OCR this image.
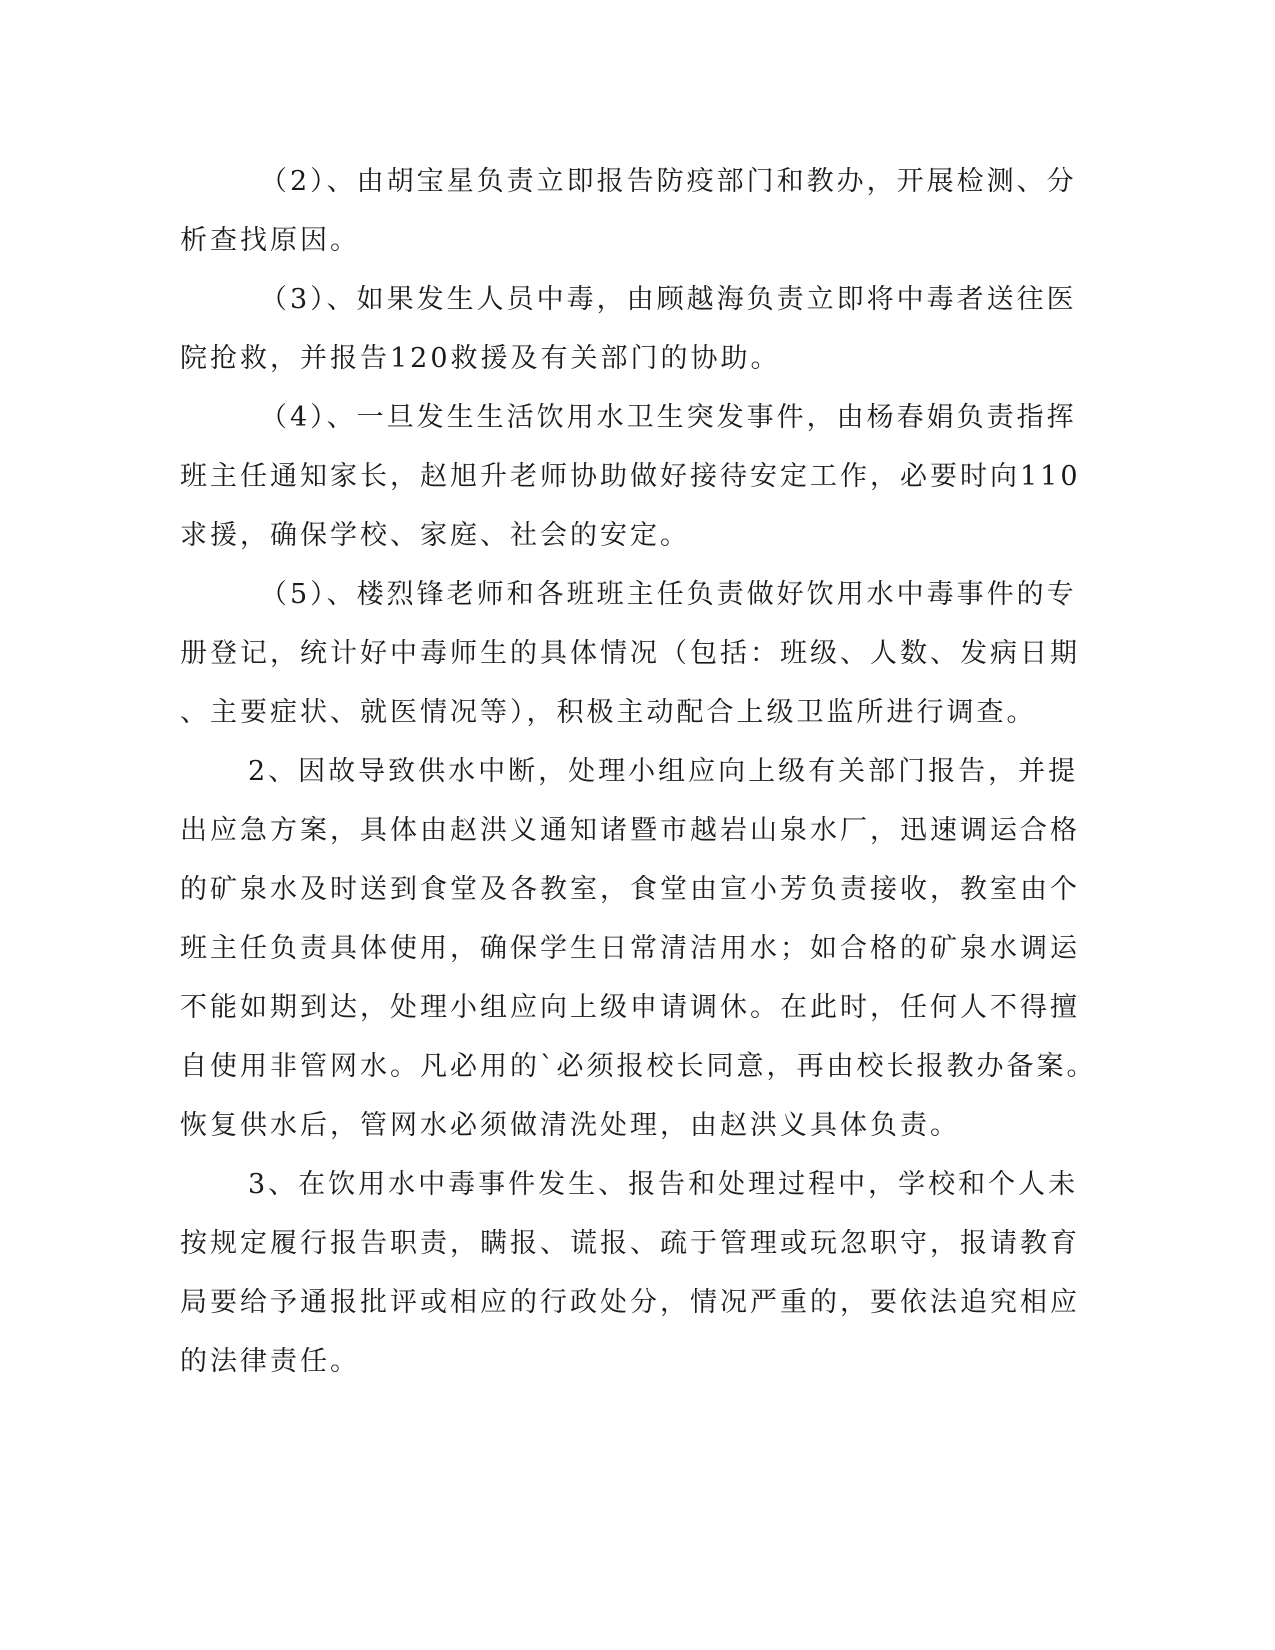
（2）、由胡宝星负责立即报告防疫部门和教办，开展检测、分
析查找原因。
（3）、如果发生人员中毒，由顾越海负责立即将中毒者送往医
院抢救，并报告120救援及有关部门的协助。
（4）、一旦发生生活饮用水卫生突发事件，由杨春娟负责指挥
班主任通知家长，赵旭升老师协助做好接待安定工作，必要时向110
求援，确保学校、家庭、社会的安定。
（5）、楼烈锋老师和各班班主任负责做好饮用水中毒事件的专
册登记，统计好中毒师生的具体情况（包括：班级、人数、发病日期
、主要症状、就医情况等），积极主动配合上级卫监所进行调查。
2、因故导致供水中断，处理小组应向上级有关部门报告，并提
出应急方案，具体由赵洪义通知诸暨市越岩山泉水厂，迅速调运合格
的矿泉水及时送到食堂及各教室，食堂由宣小芳负责接收，教室由个
班主任负责具体使用，确保学生日常清洁用水；如合格的矿泉水调运
不能如期到达，处理小组应向上级申请调休。在此时，任何人不得擅
自使用非管网水。凡必用的`必须报校长同意，再由校长报教办备案。
恢复供水后，管网水必须做清洗处理，由赵洪义具体负责。
3、在饮用水中毒事件发生、报告和处理过程中，学校和个人未
按规定履行报告职责，瞒报、谎报、疏于管理或玩忽职守，报请教育
局要给予通报批评或相应的行政处分，情况严重的，要依法追究相应
的法律责任。
